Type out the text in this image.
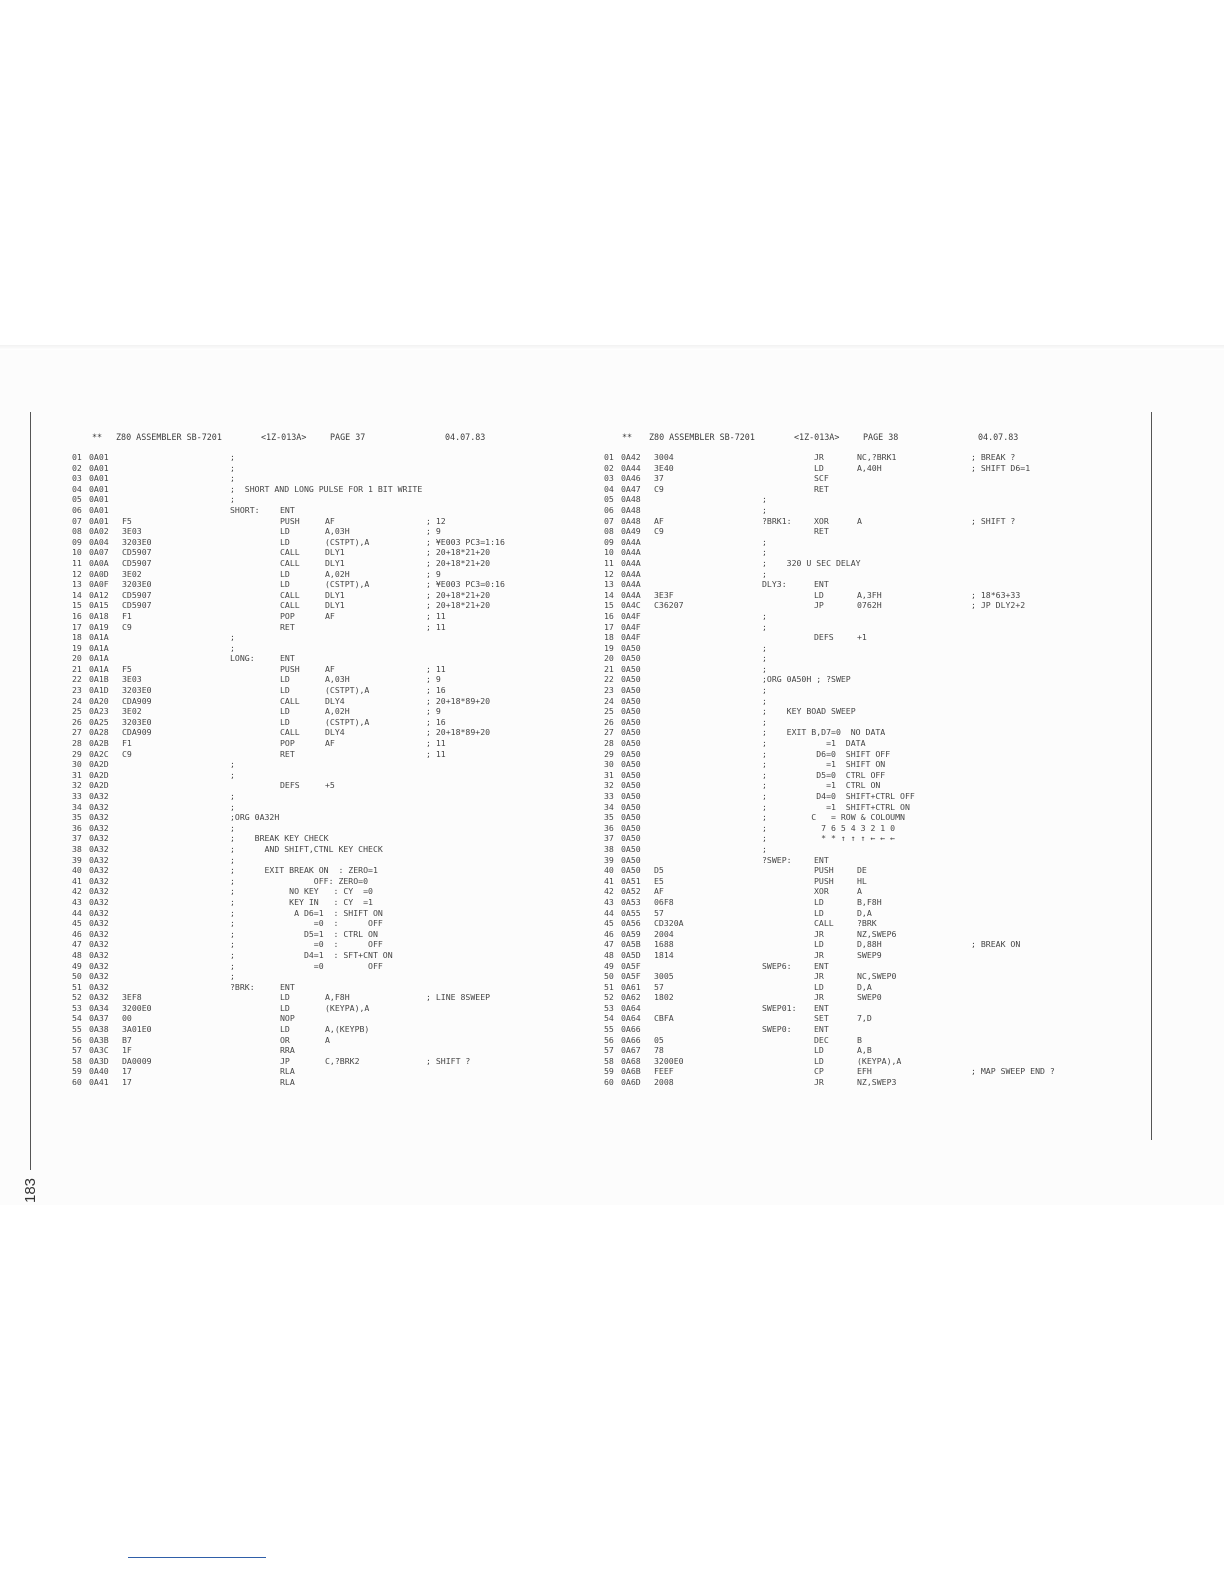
183

**

Z80 ASSEMBLER SB-7201

	<1Z-013A>

	PAGE 37

	04.07.83

01 0A01	;
02 0A01	;
03 0A01	;
04 0A01	;  SHORT AND LONG PULSE FOR 1 BIT WRITE
05 0A01	;
06 0A01	SHORT: ENT
07 0A01 F5	PUSH	AF	; 12
08 0A02 3E03	LD	A,03H	; 9
09 0A04 3203E0	LD	(CSTPT),A	; ¥E003 PC3=1:16
10 0A07 CD5907	CALL	DLY1	; 20+18*21+20
11 0A0A CD5907	CALL	DLY1	; 20+18*21+20
12 0A0D 3E02	LD	A,02H	; 9
13 0A0F 3203E0	LD	(CSTPT),A	; ¥E003 PC3=0:16
14 0A12 CD5907	CALL	DLY1	; 20+18*21+20
15 0A15 CD5907	CALL	DLY1	; 20+18*21+20
16 0A18 F1	POP	AF	; 11
17 0A19 C9	RET	; 11
18 0A1A	;
19 0A1A	;
20 0A1A	LONG:	ENT
21 0A1A F5	PUSH	AF	; 11
22 0A1B 3E03	LD	A,03H	; 9
23 0A1D 3203E0	LD	(CSTPT),A	; 16
24 0A20 CDA909	CALL	DLY4	; 20+18*89+20
25 0A23 3E02	LD	A,02H	; 9
26 0A25 3203E0	LD	(CSTPT),A	; 16
27 0A28 CDA909	CALL	DLY4	; 20+18*89+20
28 0A2B F1	POP	AF	; 11
29 0A2C C9	RET	; 11
30 0A2D	;
31 0A2D	;
32 0A2D	DEFS	+5
33 0A32	;
34 0A32	;
35 0A32	;ORG 0A32H
36 0A32	;
37 0A32	;    BREAK KEY CHECK
38 0A32	;      AND SHIFT,CTNL KEY CHECK
39 0A32	;
40 0A32	;      EXIT BREAK ON  : ZERO=1
41 0A32	;                OFF: ZERO=0
42 0A32	;           NO KEY   : CY  =0
43 0A32	;           KEY IN   : CY  =1
44 0A32	;            A D6=1  : SHIFT ON
45 0A32	;                =0  :      OFF
46 0A32	;              D5=1  : CTRL ON
47 0A32	;                =0  :      OFF
48 0A32	;              D4=1  : SFT+CNT ON
49 0A32	;                =0         OFF
50 0A32	;
51 0A32	?BRK:	ENT
52 0A32 3EF8	LD	A,F8H	; LINE 8SWEEP
53 0A34 3200E0	LD	(KEYPA),A
54 0A37 00	NOP
55 0A38 3A01E0	LD	A,(KEYPB)
56 0A3B B7	OR	A
57 0A3C 1F	RRA
58 0A3D DA0009	JP	C,?BRK2	; SHIFT ?
59 0A40 17	RLA
60 0A41 17	RLA

**

Z80 ASSEMBLER SB-7201

	<1Z-013A>

	PAGE 38

	04.07.83

01 0A42 3004	JR	NC,?BRK1	; BREAK ?
02 0A44 3E40	LD	A,40H	; SHIFT D6=1
03 0A46 37	SCF
04 0A47 C9	RET
05 0A48	;
06 0A48	;
07 0A48 AF	?BRK1:	XOR	A	; SHIFT ?
08 0A49 C9	RET
09 0A4A	;
10 0A4A	;
11 0A4A	;    320 U SEC DELAY
12 0A4A	;
13 0A4A	DLY3:	ENT
14 0A4A 3E3F	LD	A,3FH	; 18*63+33
15 0A4C C36207	JP	0762H	; JP DLY2+2
16 0A4F	;
17 0A4F	;
18 0A4F	DEFS	+1
19 0A50	;
20 0A50	;
21 0A50	;
22 0A50	;ORG 0A50H ; ?SWEP
23 0A50	;
24 0A50	;
25 0A50	;    KEY BOAD SWEEP
26 0A50	;
27 0A50	;    EXIT B,D7=0  NO DATA
28 0A50	;            =1  DATA
29 0A50	;          D6=0  SHIFT OFF
30 0A50	;            =1  SHIFT ON
31 0A50	;          D5=0  CTRL OFF
32 0A50	;            =1  CTRL ON
33 0A50	;          D4=0  SHIFT+CTRL OFF
34 0A50	;            =1  SHIFT+CTRL ON
35 0A50	;         C   = ROW & COLOUMN
36 0A50	;           7 6 5 4 3 2 1 0
37 0A50	;           * * ↑ ↑ ↑ ← ← ←
38 0A50	;
39 0A50	?SWEP:	ENT
40 0A50 D5	PUSH	DE
41 0A51 E5	PUSH	HL
42 0A52 AF	XOR	A
43 0A53 06F8	LD	B,F8H
44 0A55 57	LD	D,A
45 0A56 CD320A	CALL	?BRK
46 0A59 2004	JR	NZ,SWEP6
47 0A5B 1688	LD	D,88H	; BREAK ON
48 0A5D 1814	JR	SWEP9
49 0A5F	SWEP6:	ENT
50 0A5F 3005	JR	NC,SWEP0
51 0A61 57	LD	D,A
52 0A62 1802	JR	SWEP0
53 0A64	SWEP01: ENT
54 0A64 CBFA	SET	7,D
55 0A66	SWEP0:	ENT
56 0A66 05	DEC	B
57 0A67 78	LD	A,B
58 0A68 3200E0	LD	(KEYPA),A
59 0A6B FEEF	CP	EFH	; MAP SWEEP END ?
60 0A6D 2008	JR	NZ,SWEP3
